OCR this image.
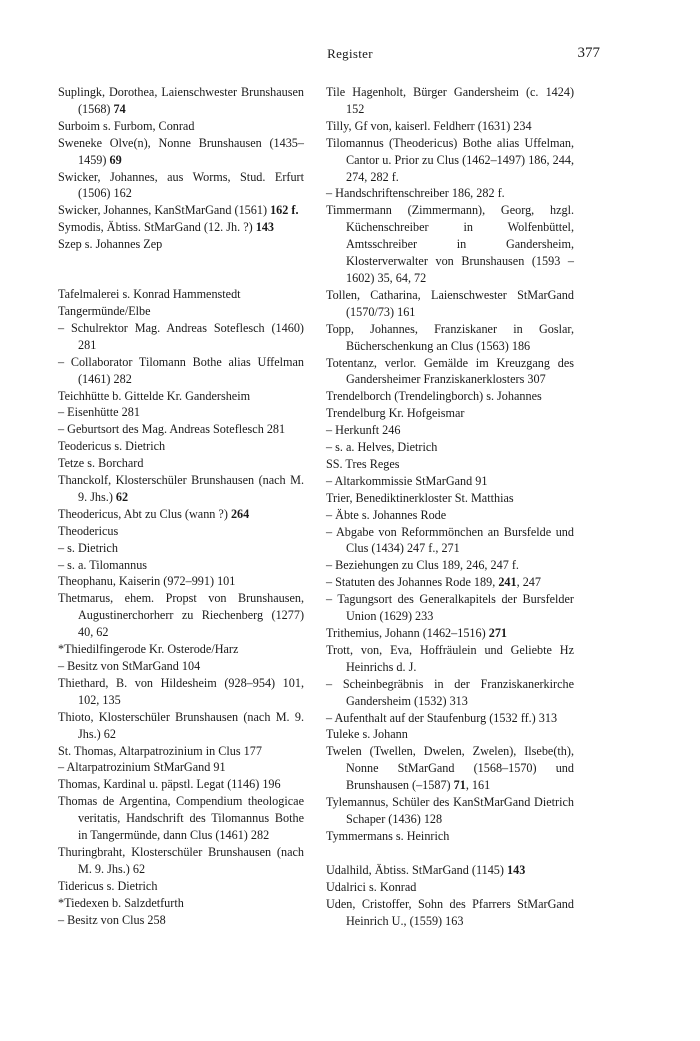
Register	377

Suplingk, Dorothea, Laienschwester Brunshausen (1568) 74

Surboim s. Furbom, Conrad

Sweneke Olve(n), Nonne Brunshausen (1435–1459) 69

Swicker, Johannes, aus Worms, Stud. Erfurt (1506) 162

Swicker, Johannes, KanStMarGand (1561) 162 f.

Symodis, Äbtiss. StMarGand (12. Jh. ?) 143

Szep s. Johannes Zep

Tafelmalerei s. Konrad Hammenstedt

Tangermünde/Elbe

– Schulrektor Mag. Andreas Soteflesch (1460) 281

– Collaborator Tilomann Bothe alias Uffelman (1461) 282

Teichhütte b. Gittelde Kr. Gandersheim

– Eisenhütte 281

– Geburtsort des Mag. Andreas Soteflesch 281

Teodericus s. Dietrich

Tetze s. Borchard

Thanckolf, Klosterschüler Brunshausen (nach M. 9. Jhs.) 62

Theodericus, Abt zu Clus (wann ?) 264

Theodericus

– s. Dietrich

– s. a. Tilomannus

Theophanu, Kaiserin (972–991) 101

Thetmarus, ehem. Propst von Brunshausen, Augustinerchorherr zu Riechenberg (1277) 40, 62

*Thiedilfingerode Kr. Osterode/Harz

– Besitz von StMarGand 104

Thiethard, B. von Hildesheim (928–954) 101, 102, 135

Thioto, Klosterschüler Brunshausen (nach M. 9. Jhs.) 62

St. Thomas, Altarpatrozinium in Clus 177

– Altarpatrozinium StMarGand 91

Thomas, Kardinal u. päpstl. Legat (1146) 196

Thomas de Argentina, Compendium theologicae veritatis, Handschrift des Tilomannus Bothe in Tangermünde, dann Clus (1461) 282

Thuringbraht, Klosterschüler Brunshausen (nach M. 9. Jhs.) 62

Tidericus s. Dietrich

*Tiedexen b. Salzdetfurth

– Besitz von Clus 258

Tile Hagenholt, Bürger Gandersheim (c. 1424) 152

Tilly, Gf von, kaiserl. Feldherr (1631) 234

Tilomannus (Theodericus) Bothe alias Uffelman, Cantor u. Prior zu Clus (1462–1497) 186, 244, 274, 282 f.

– Handschriftenschreiber 186, 282 f.

Timmermann (Zimmermann), Georg, hzgl. Küchenschreiber in Wolfenbüttel, Amtsschreiber in Gandersheim, Klosterverwalter von Brunshausen (1593 –1602) 35, 64, 72

Tollen, Catharina, Laienschwester StMarGand (1570/73) 161

Topp, Johannes, Franziskaner in Goslar, Bücherschenkung an Clus (1563) 186

Totentanz, verlor. Gemälde im Kreuzgang des Gandersheimer Franziskanerklosters 307

Trendelborch (Trendelingborch) s. Johannes

Trendelburg Kr. Hofgeismar

– Herkunft 246

– s. a. Helves, Dietrich

SS. Tres Reges

– Altarkommissie StMarGand 91

Trier, Benediktinerkloster St. Matthias

– Äbte s. Johannes Rode

– Abgabe von Reformmönchen an Bursfelde und Clus (1434) 247 f., 271

– Beziehungen zu Clus 189, 246, 247 f.

– Statuten des Johannes Rode 189, 241, 247

– Tagungsort des Generalkapitels der Bursfelder Union (1629) 233

Trithemius, Johann (1462–1516) 271

Trott, von, Eva, Hoffräulein und Geliebte Hz Heinrichs d. J.

– Scheinbegräbnis in der Franziskanerkirche Gandersheim (1532) 313

– Aufenthalt auf der Staufenburg (1532 ff.) 313

Tuleke s. Johann

Twelen (Twellen, Dwelen, Zwelen), Ilsebe(th), Nonne StMarGand (1568–1570) und Brunshausen (–1587) 71, 161

Tylemannus, Schüler des KanStMarGand Dietrich Schaper (1436) 128

Tymmermans s. Heinrich

Udalhild, Äbtiss. StMarGand (1145) 143

Udalrici s. Konrad

Uden, Cristoffer, Sohn des Pfarrers StMarGand Heinrich U., (1559) 163
